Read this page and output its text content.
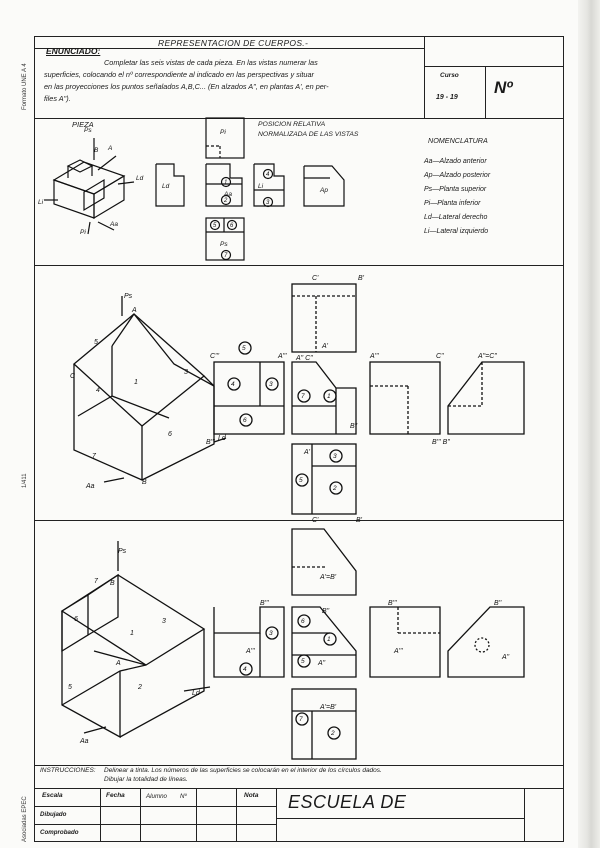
Formato UNE A 4
1/411
Asociadas EPEC
REPRESENTACION DE CUERPOS.-
ENUNCIADO:
Completar las seis vistas de cada pieza. En las vistas numerar las
superficies, colocando el nº correspondiente al indicado en las perspectivas y situar
en las proyecciones los puntos señalados A,B,C... (En alzados A", en plantas A', en per-
files A").
Curso
19 - 19
Nº
PIEZA	POSICION RELATIVA
NORMALIZADA DE LAS VISTAS
NOMENCLATURA
Aa—Alzado anterior
Ap—Alzado posterior
Ps—Planta superior
Pi—Planta inferior
Ld—Lateral derecho
Li—Lateral izquierdo
Ps
Ld
Li
Aa
Pi
B A
Pi
Ld
Aa
Li
Ap
Ps
1
2	3
4
5 6
7
Ps
A
C
B
Ld
Aa
5
4
1
3
6
7
C'	B'
A'
C'''	A"' A" C"	A'''	C''	A"=C"
B"
B'''	B''' B"
A'
C'	B'
5
4	3
6
7	1
3
5
2
Ps
B
A
Ld
Aa
7
6
1
5
3
2
A'=B'
B'''
B"
B'''	B''
A'''
A"
A'''
A"
A'=B'
3
4
6
1
5
7
2
INSTRUCCIONES: Delinear a tinta. Los números de las superficies se colocarán en el interior de los círculos dados.
Dibujar la totalidad de líneas.
Escala	Fecha	Alumno Nº	Nota
Dibujado
Comprobado
ESCUELA DE
